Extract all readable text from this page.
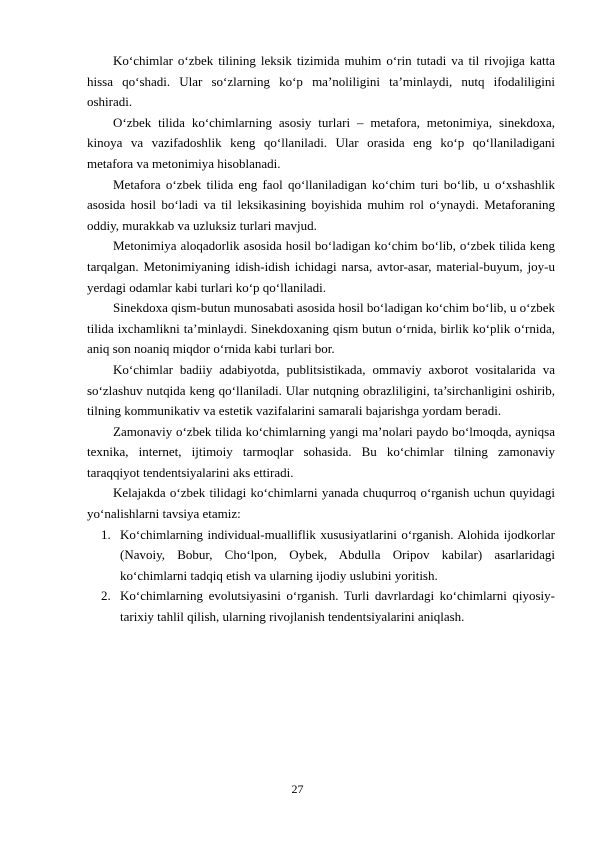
Ko‘chimlar o‘zbek tilining leksik tizimida muhim o‘rin tutadi va til rivojiga katta hissa qo‘shadi. Ular so‘zlarning ko‘p ma’noliligini ta’minlaydi, nutq ifodaliligini oshiradi.

O‘zbek tilida ko‘chimlarning asosiy turlari – metafora, metonimiya, sinekdoxa, kinoya va vazifadoshlik keng qo‘llaniladi. Ular orasida eng ko‘p qo‘llaniladigani metafora va metonimiya hisoblanadi.

Metafora o‘zbek tilida eng faol qo‘llaniladigan ko‘chim turi bo‘lib, u o‘xshashlik asosida hosil bo‘ladi va til leksikasining boyishida muhim rol o‘ynaydi. Metaforaning oddiy, murakkab va uzluksiz turlari mavjud.

Metonimiya aloqadorlik asosida hosil bo‘ladigan ko‘chim bo‘lib, o‘zbek tilida keng tarqalgan. Metonimiyaning idish-idish ichidagi narsa, avtor-asar, material-buyum, joy-u yerdagi odamlar kabi turlari ko‘p qo‘llaniladi.

Sinekdoxa qism-butun munosabati asosida hosil bo‘ladigan ko‘chim bo‘lib, u o‘zbek tilida ixchamlikni ta’minlaydi. Sinekdoxaning qism butun o‘rnida, birlik ko‘plik o‘rnida, aniq son noaniq miqdor o‘rnida kabi turlari bor.

Ko‘chimlar badiiy adabiyotda, publitsistikada, ommaviy axborot vositalarida va so‘zlashuv nutqida keng qo‘llaniladi. Ular nutqning obrazliligini, ta’sirchanligini oshirib, tilning kommunikativ va estetik vazifalarini samarali bajarishga yordam beradi.

Zamonaviy o‘zbek tilida ko‘chimlarning yangi ma’nolari paydo bo‘lmoqda, ayniqsa texnika, internet, ijtimoiy tarmoqlar sohasida. Bu ko‘chimlar tilning zamonaviy taraqqiyot tendentsiyalarini aks ettiradi.

Kelajakda o‘zbek tilidagi ko‘chimlarni yanada chuqurroq o‘rganish uchun quyidagi yo‘nalishlarni tavsiya etamiz:

1. Ko‘chimlarning individual-mualliflik xususiyatlarini o‘rganish. Alohida ijodkorlar (Navoiy, Bobur, Cho‘lpon, Oybek, Abdulla Oripov kabilar) asarlaridagi ko‘chimlarni tadqiq etish va ularning ijodiy uslubini yoritish.
2. Ko‘chimlarning evolutsiyasini o‘rganish. Turli davrlardagi ko‘chimlarni qiyosiy-tarixiy tahlil qilish, ularning rivojlanish tendentsiyalarini aniqlash.
27
